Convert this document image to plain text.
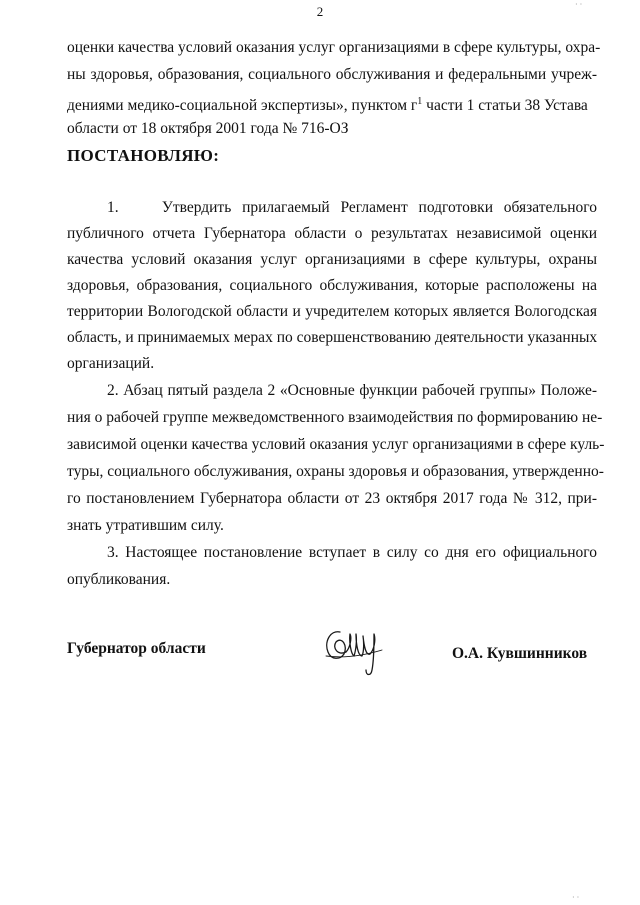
2
оценки качества условий оказания услуг организациями в сфере культуры, охра-
ны здоровья, образования, социального обслуживания и федеральными учреж-
дениями медико-социальной экспертизы», пунктом $г^1$ части 1 статьи 38 Устава
области от 18 октября 2001 года № 716-ОЗ
ПОСТАНОВЛЯЮ:
1.    Утвердить прилагаемый Регламент подготовки обязательного
публичного отчета Губернатора области о результатах независимой оценки
качества условий оказания услуг организациями в сфере культуры, охраны
здоровья, образования, социального обслуживания, которые расположены на
территории Вологодской области и учредителем которых является Вологодская
область, и принимаемых мерах по совершенствованию деятельности указанных
организаций.
2. Абзац пятый раздела 2 «Основные функции рабочей группы» Положе-
ния о рабочей группе межведомственного взаимодействия по формированию не-
зависимой оценки качества условий оказания услуг организациями в сфере куль-
туры, социального обслуживания, охраны здоровья и образования, утвержденно-
го постановлением Губернатора области от 23 октября 2017 года № 312, при-
знать утратившим силу.
3. Настоящее постановление вступает в силу со дня его официального
опубликования.
Губернатор области	О.А. Кувшинников
· ·
· ·
